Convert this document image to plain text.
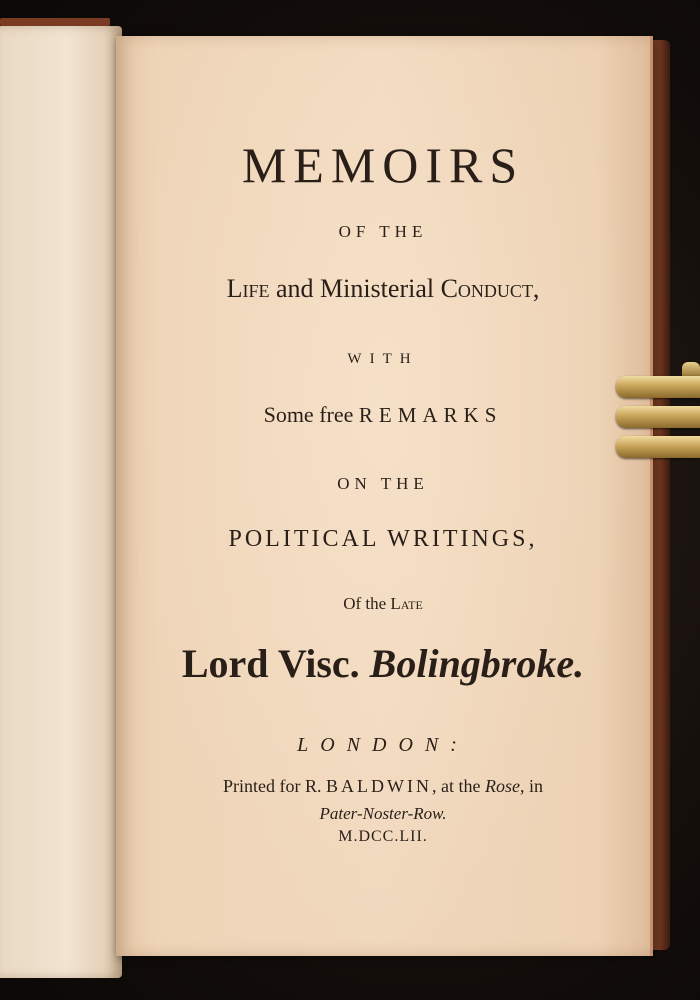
MEMOIRS
OF THE
Life and Ministerial Conduct,
WITH
Some free REMARKS
ON THE
POLITICAL WRITINGS,
Of the Late
Lord Visc. Bolingbroke.
LONDON:
Printed for R. BALDWIN, at the Rose, in
Pater-Noster-Row.
M.DCC.LII.
